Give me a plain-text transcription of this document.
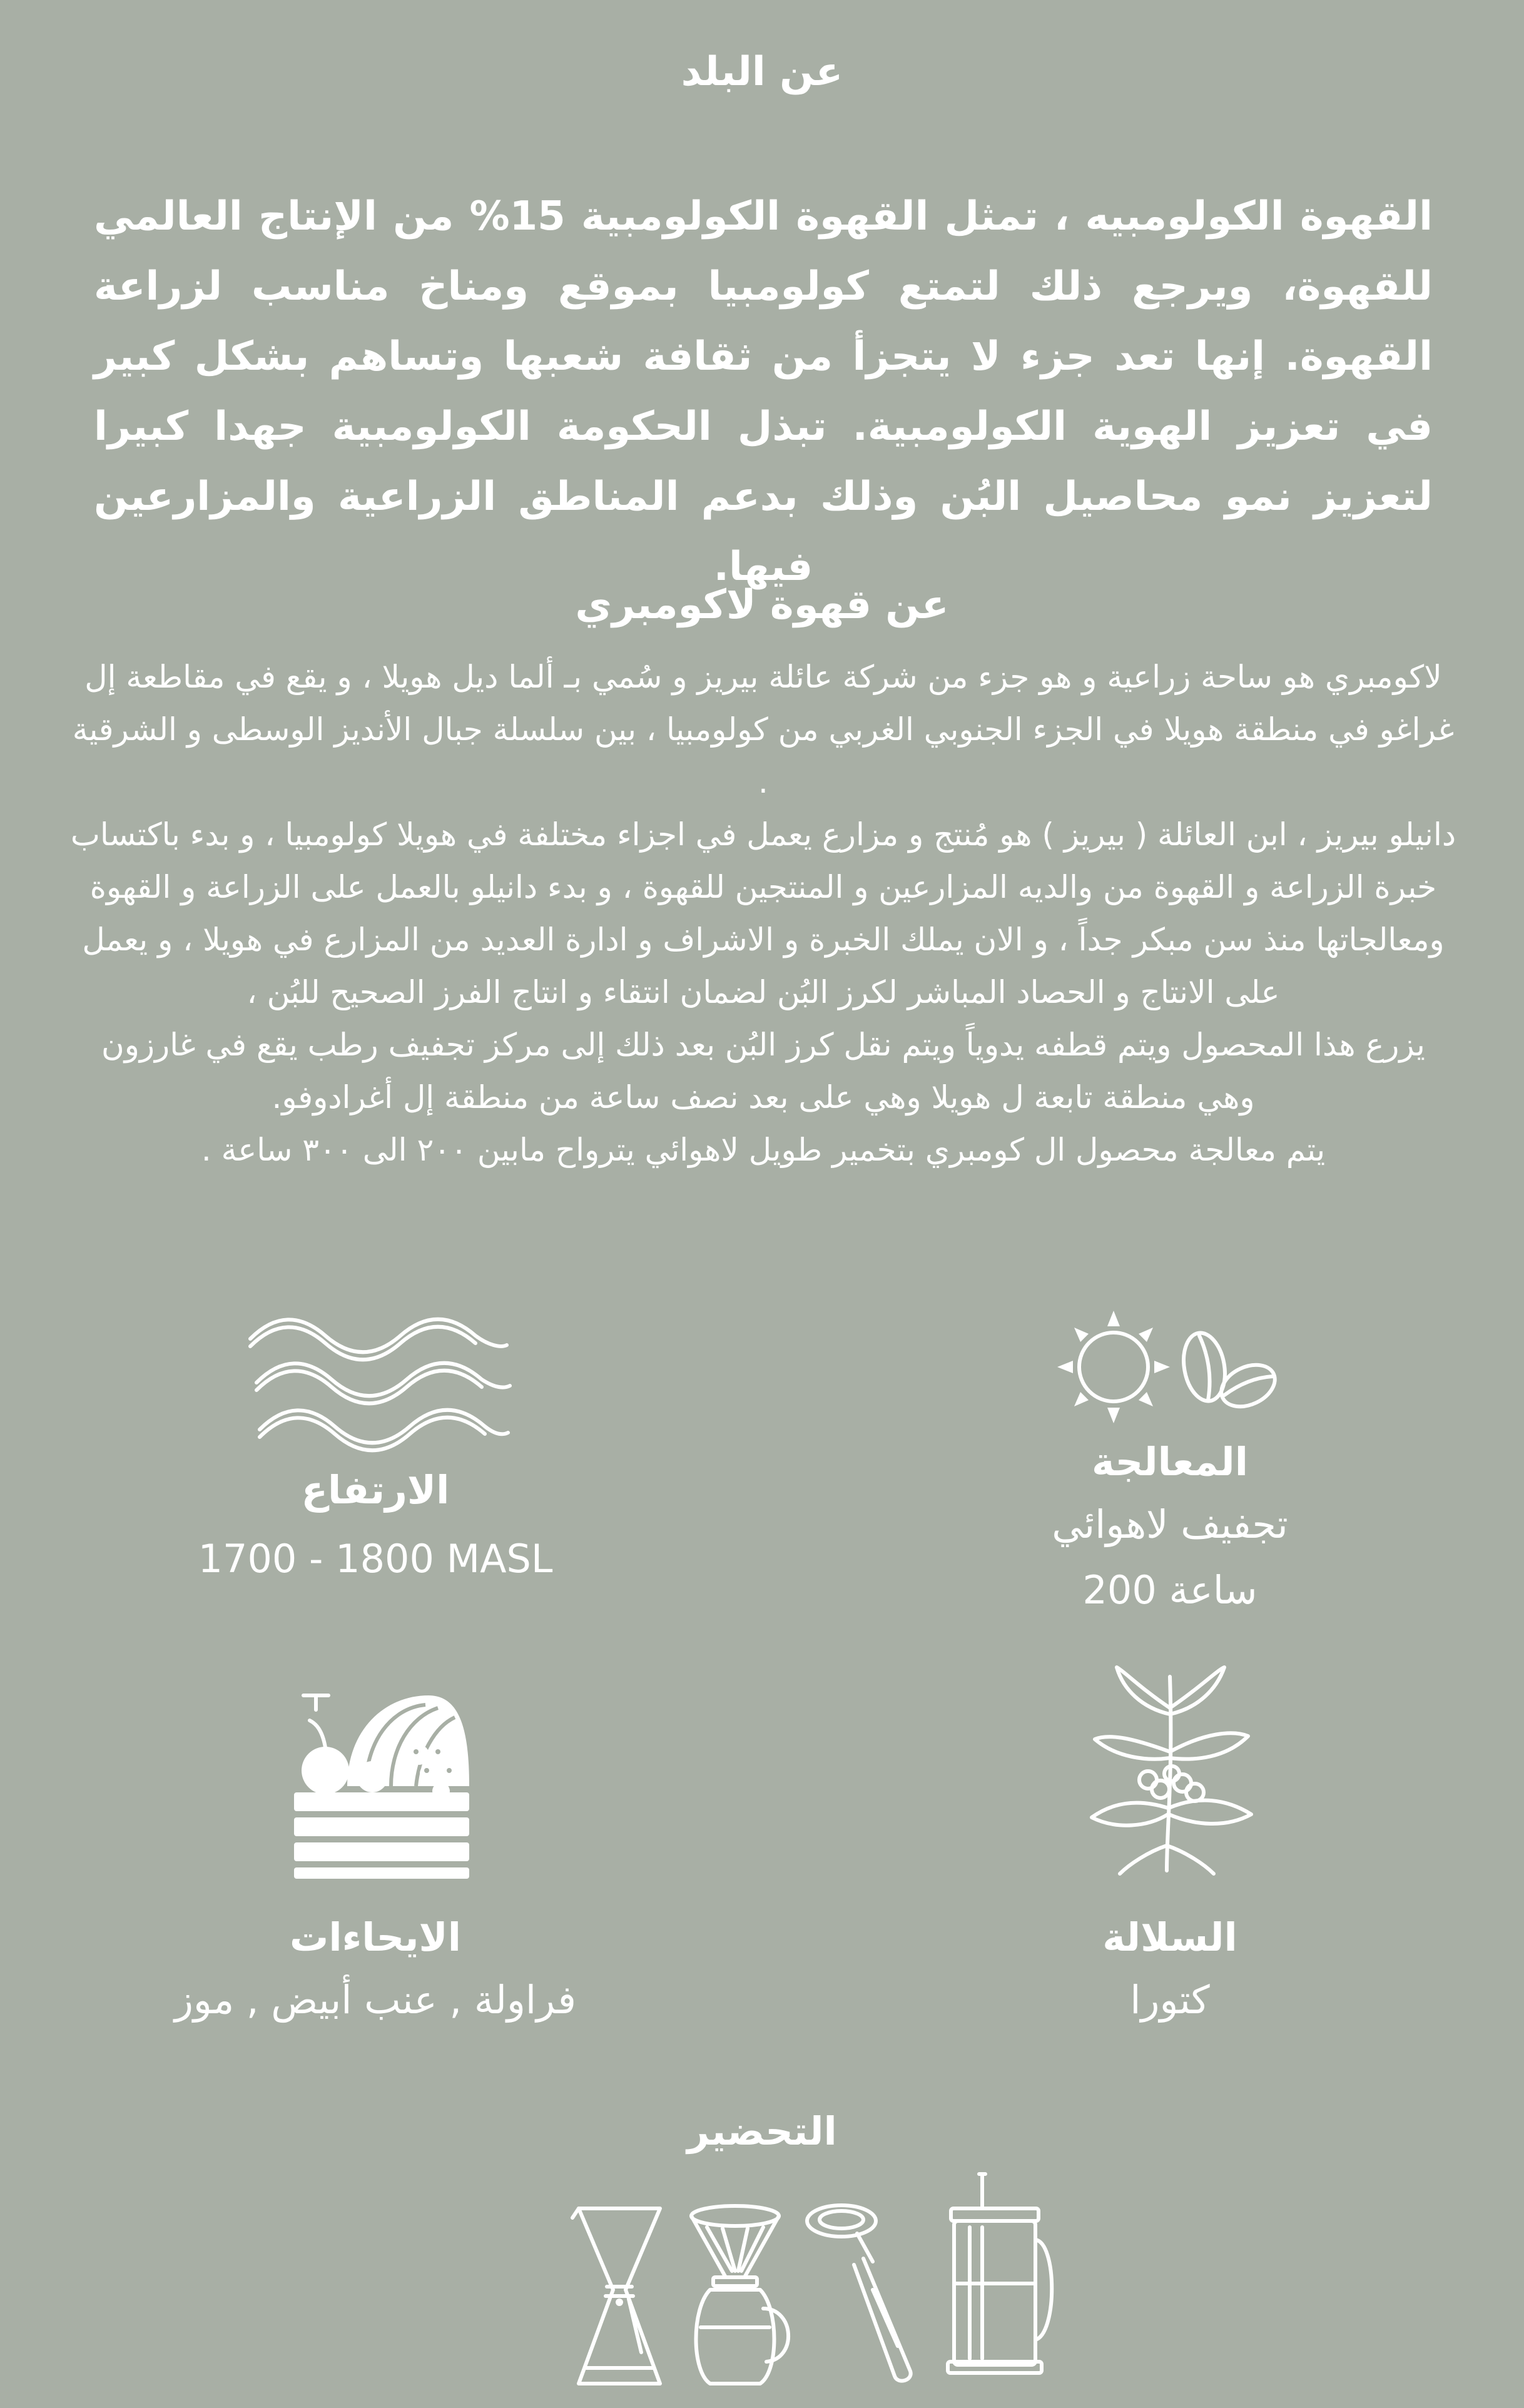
عن البلد
القهوة الكولومبيه ، تمثل القهوة الكولومبية 15% من الإنتاج العالمي للقهوة، ويرجع ذلك لتمتع كولومبيا بموقع ومناخ مناسب لزراعة القهوة. إنها تعد جزء لا يتجزأ من ثقافة شعبها وتساهم بشكل كبير في تعزيز الهوية الكولومبية. تبذل الحكومة الكولومبية جهدا كبيرا لتعزيز نمو محاصيل البُن وذلك بدعم المناطق الزراعية والمزارعين فيها.
عن قهوة لاكومبري

لاكومبري هو ساحة زراعية و هو جزء من شركة عائلة بيريز و سُمي بـ ألما ديل هويلا ، و يقع في مقاطعة إل غراغو في منطقة هويلا في الجزء الجنوبي الغربي من كولومبيا ، بين سلسلة جبال الأنديز الوسطى و الشرقية .

دانيلو بيريز ، ابن العائلة ( بيريز ) هو مُنتج و مزارع يعمل في اجزاء مختلفة في هويلا كولومبيا ، و بدء باكتساب خبرة الزراعة و القهوة من والديه المزارعين و المنتجين للقهوة ، و بدء دانيلو بالعمل على الزراعة و القهوة ومعالجاتها منذ سن مبكر جداً ، و الان يملك الخبرة و الاشراف و ادارة العديد من المزارع في هويلا ، و يعمل على الانتاج و الحصاد المباشر لكرز البُن لضمان انتقاء و انتاج الفرز الصحيح للبُن ،

يزرع هذا المحصول ويتم قطفه يدوياً ويتم نقل كرز البُن بعد ذلك إلى مركز تجفيف رطب يقع في غارزون وهي منطقة تابعة ل هويلا وهي على بعد نصف ساعة من منطقة إل أغرادوفو.

يتم معالجة محصول ال كومبري بتخمير طويل لاهوائي يترواح مابين ٢٠٠ الى ٣٠٠ ساعة .

المعالجة
تجفيف لاهوائي
ساعة 200
الارتفاع
1700 - 1800 MASL
السلالة
كتورا
الايحاءات
فراولة , عنب أبيض , موز
التحضير
